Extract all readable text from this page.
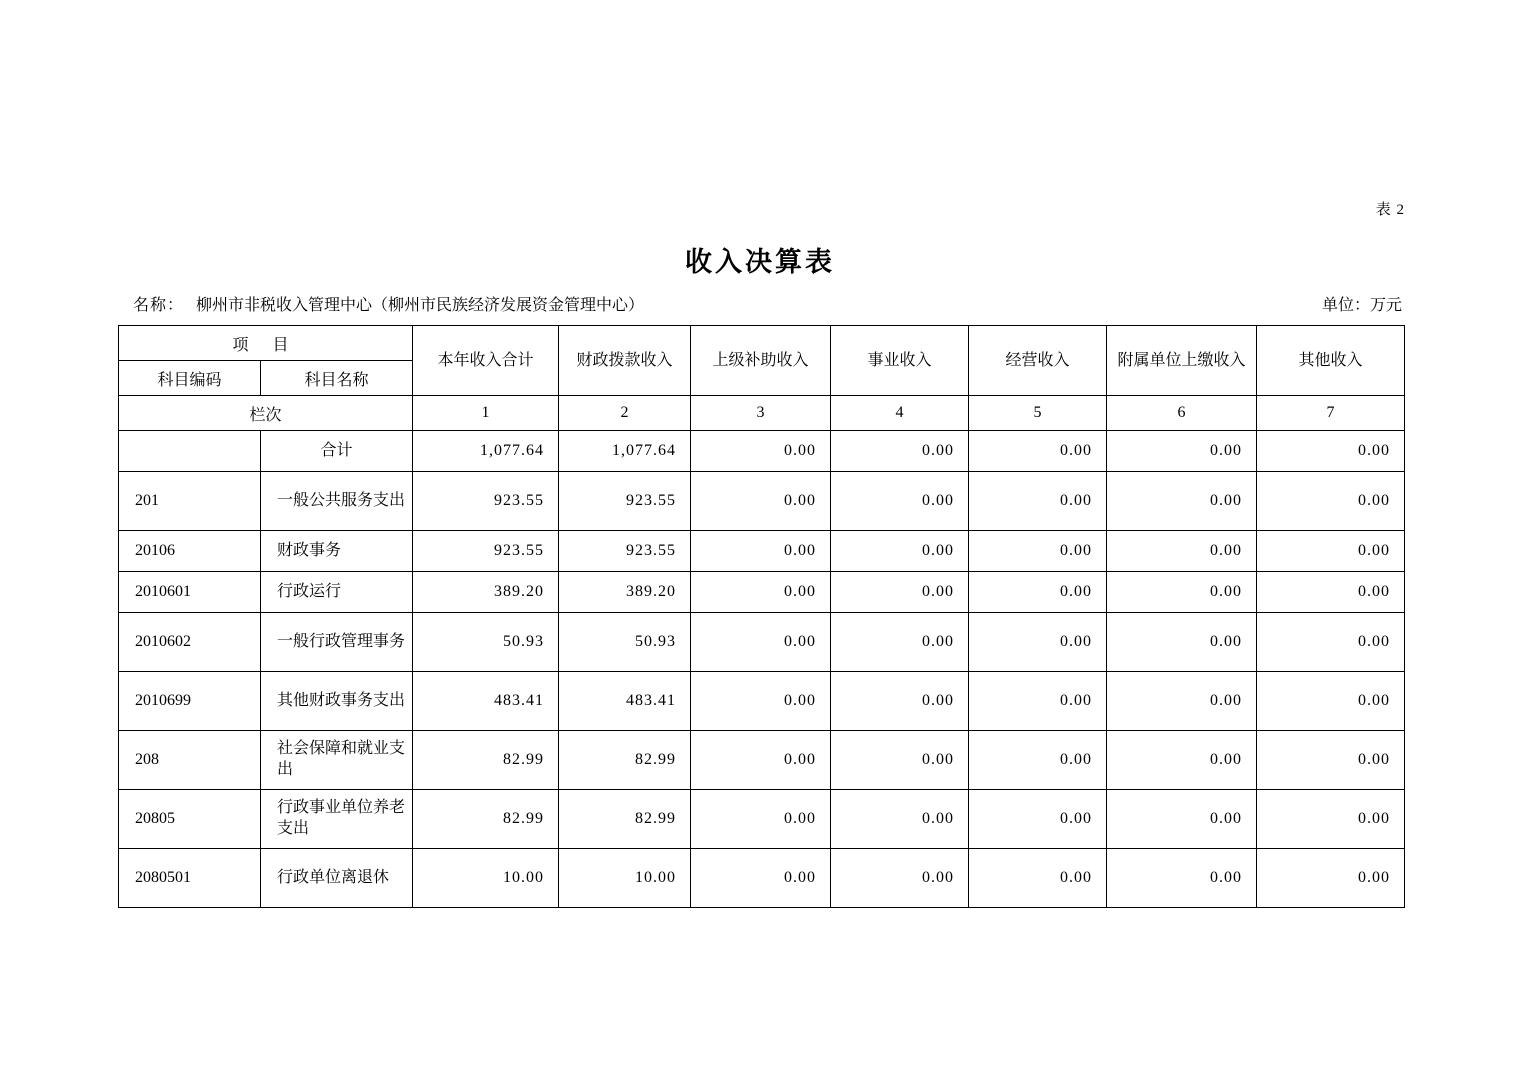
表 2
收入决算表
名称： 柳州市非税收入管理中心（柳州市民族经济发展资金管理中心）	单位：万元
项 目		本年收入合计	财政拨款收入	上级补助收入	事业收入	经营收入	附属单位上缴收入	其他收入
科目编码	科目名称							
栏次		1	2	3	4	5	6	7
	合计	1,077.64	1,077.64	0.00	0.00	0.00	0.00	0.00
201	一般公共服务支出	923.55	923.55	0.00	0.00	0.00	0.00	0.00
20106	财政事务	923.55	923.55	0.00	0.00	0.00	0.00	0.00
2010601	行政运行	389.20	389.20	0.00	0.00	0.00	0.00	0.00
2010602	一般行政管理事务	50.93	50.93	0.00	0.00	0.00	0.00	0.00
2010699	其他财政事务支出	483.41	483.41	0.00	0.00	0.00	0.00	0.00
208	社会保障和就业支出	82.99	82.99	0.00	0.00	0.00	0.00	0.00
20805	行政事业单位养老支出	82.99	82.99	0.00	0.00	0.00	0.00	0.00
2080501	行政单位离退休	10.00	10.00	0.00	0.00	0.00	0.00	0.00
